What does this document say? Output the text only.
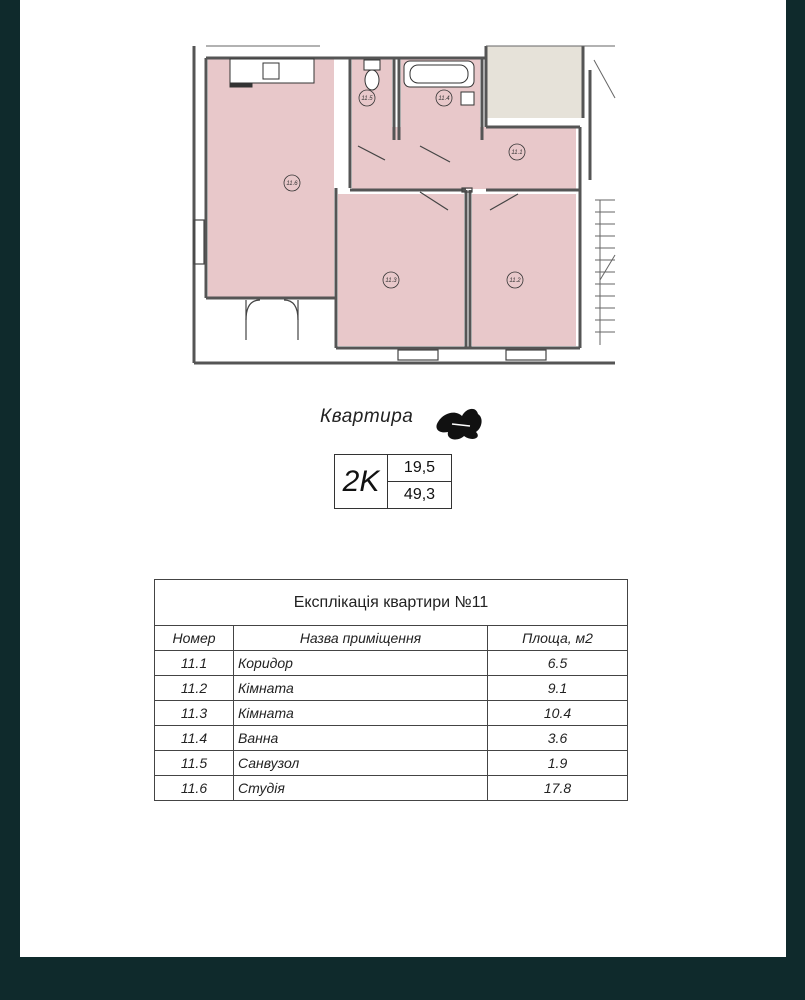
11.1
11.2
11.3
11.4
11.5
11.6
Квартира
2K	19,5
49,3
Експлікація квартири №11		
Номер	Назва приміщення	Площа, м2
11.1	Коридор	6.5
11.2	Кімната	9.1
11.3	Кімната	10.4
11.4	Ванна	3.6
11.5	Санвузол	1.9
11.6	Студія	17.8
